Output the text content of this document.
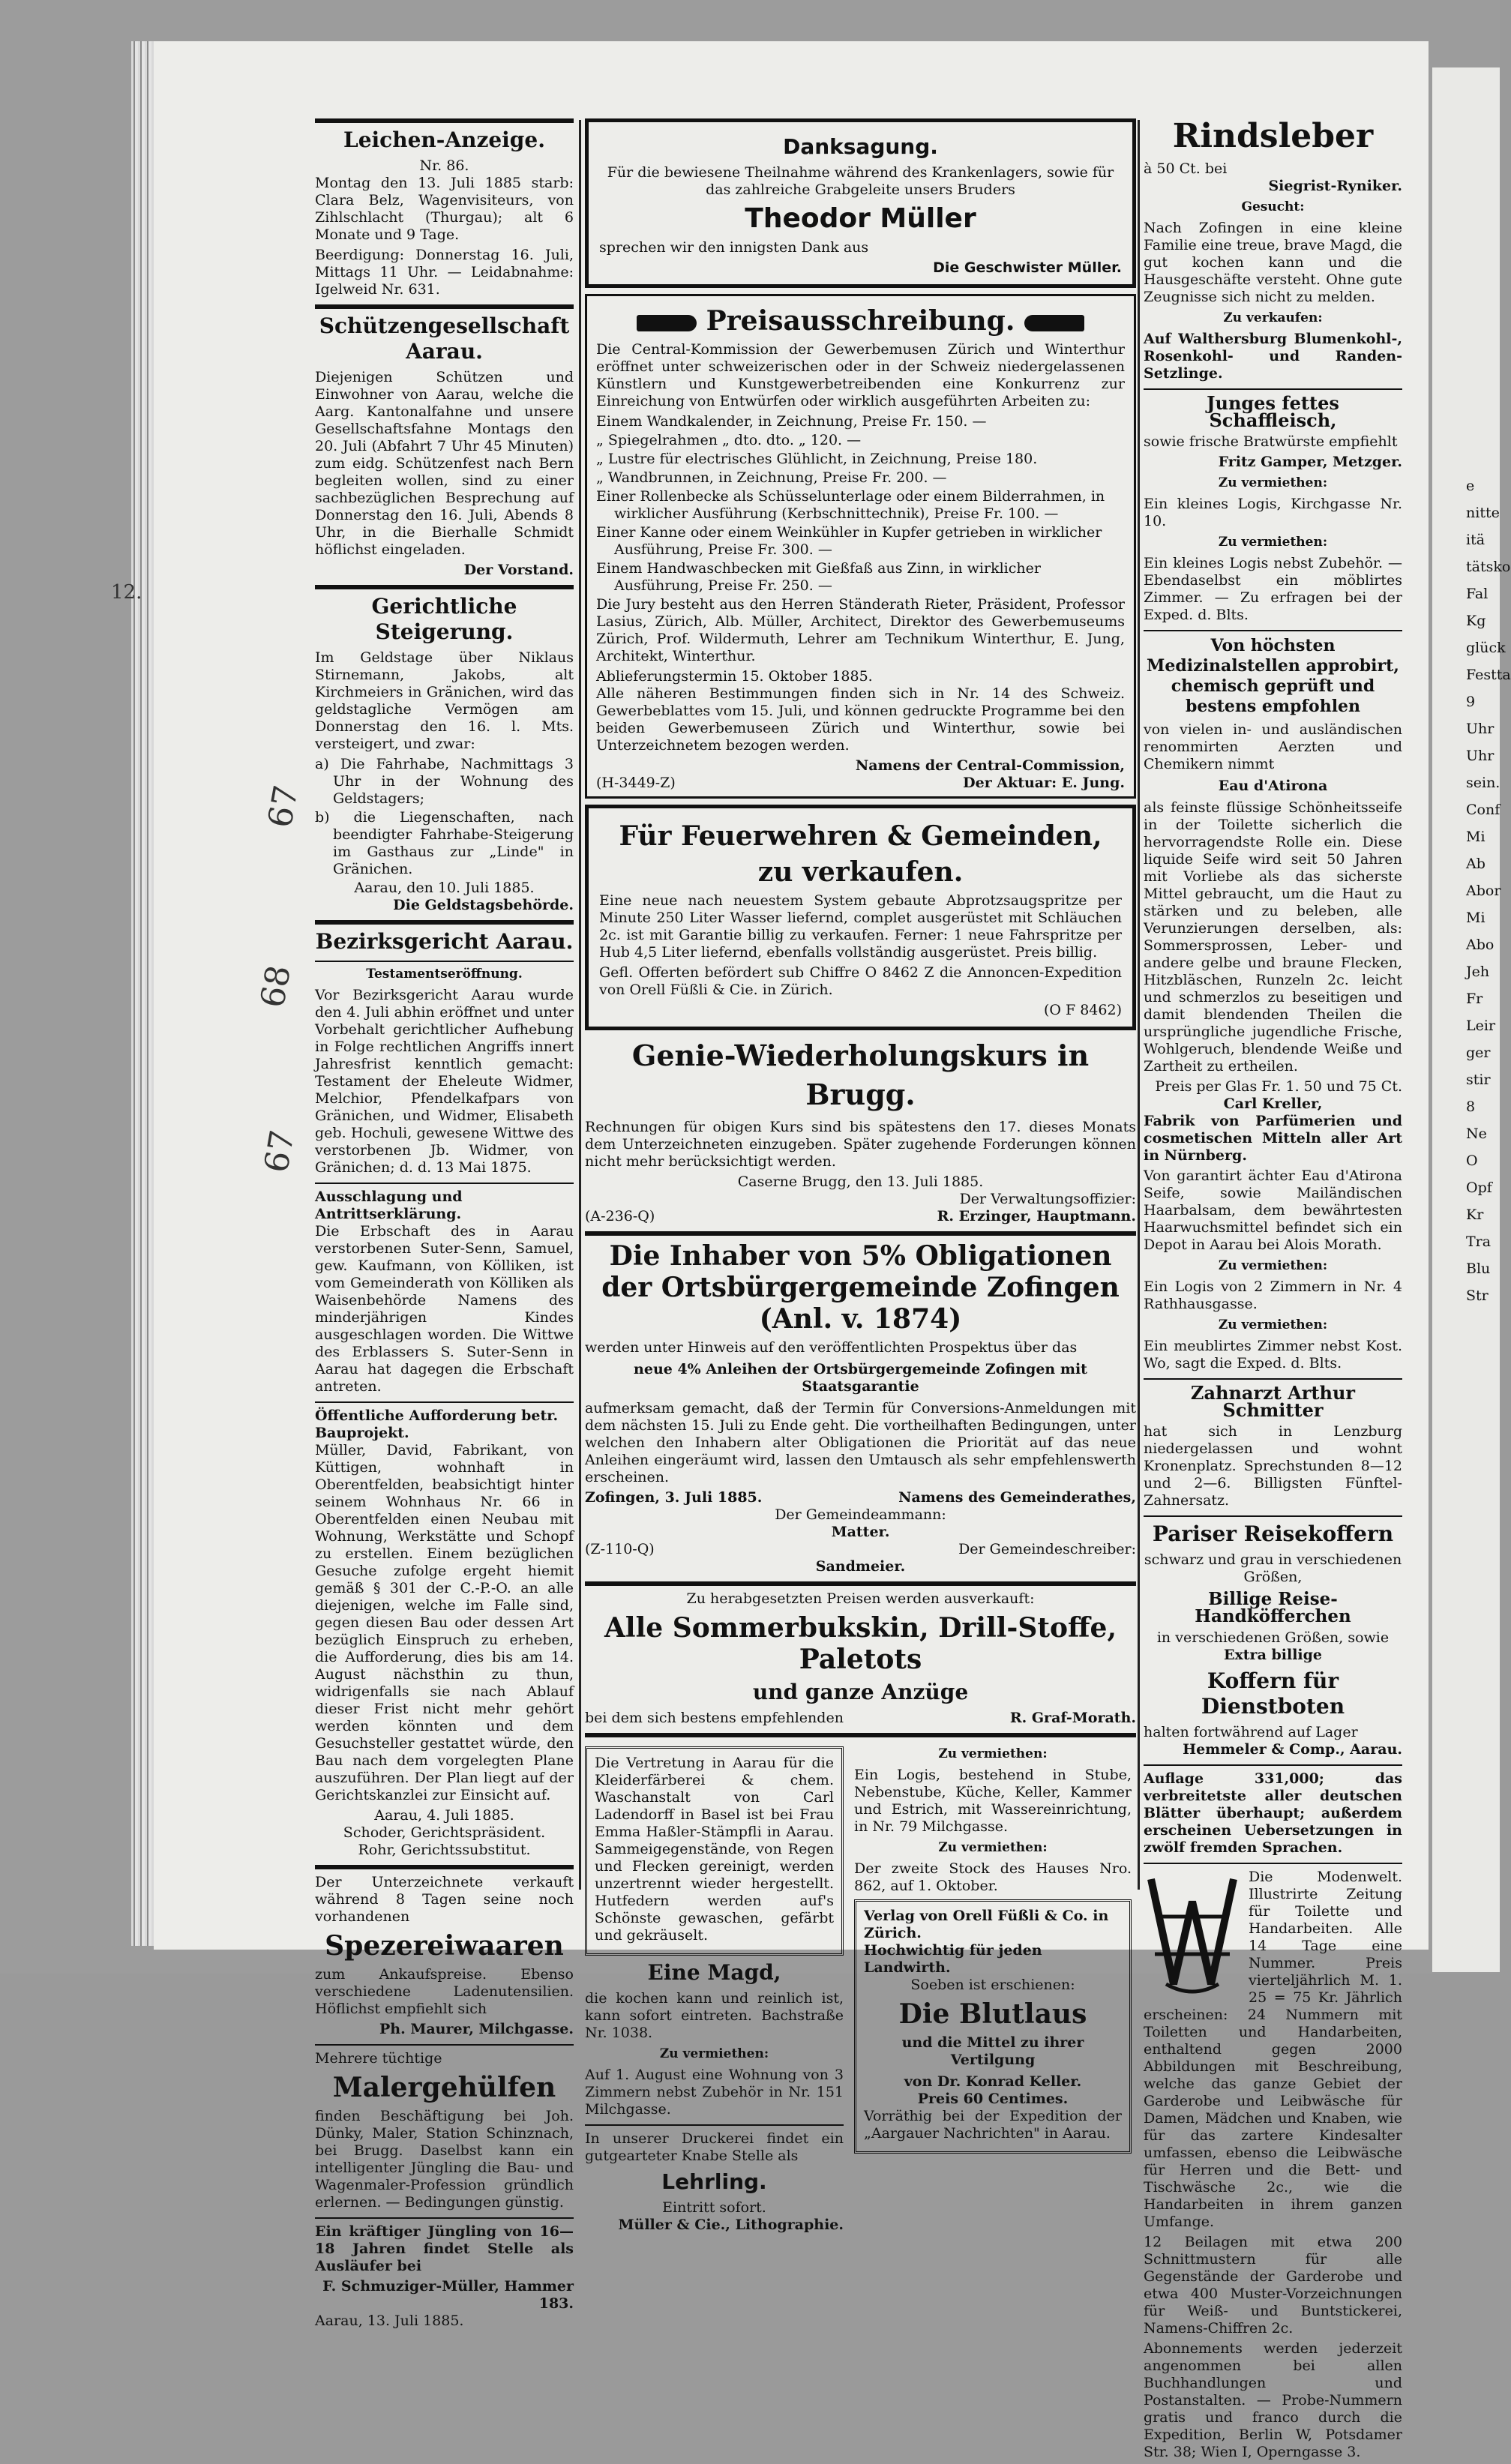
12.
67
68
67
Leichen-Anzeige.
Nr. 86.

Montag den 13. Juli 1885 starb: Clara Belz, Wagenvisiteurs, von Zihlschlacht (Thurgau); alt 6 Monate und 9 Tage.

Beerdigung: Donnerstag 16. Juli, Mittags 11 Uhr. — Leidabnahme: Igelweid Nr. 631.

Schützengesellschaft Aarau.

Diejenigen Schützen und Einwohner von Aarau, welche die Aarg. Kantonalfahne und unsere Gesellschaftsfahne Montags den 20. Juli (Abfahrt 7 Uhr 45 Minuten) zum eidg. Schützenfest nach Bern begleiten wollen, sind zu einer sachbezüglichen Besprechung auf Donnerstag den 16. Juli, Abends 8 Uhr, in die Bierhalle Schmidt höflichst eingeladen.

Der Vorstand.
Gerichtliche Steigerung.

Im Geldstage über Niklaus Stirnemann, Jakobs, alt Kirchmeiers in Gränichen, wird das geldstagliche Vermögen am Donnerstag den 16. l. Mts. versteigert, und zwar:

a) Die Fahrhabe, Nachmittags 3 Uhr in der Wohnung des Geldstagers;

b) die Liegenschaften, nach beendigter Fahrhabe-Steigerung im Gasthaus zur „Linde" in Gränichen.

Aarau, den 10. Juli 1885.
Die Geldstagsbehörde.
Bezirksgericht Aarau.
Testamentseröffnung.

Vor Bezirksgericht Aarau wurde den 4. Juli abhin eröffnet und unter Vorbehalt gerichtlicher Aufhebung in Folge rechtlichen Angriffs innert Jahresfrist kenntlich gemacht: Testament der Eheleute Widmer, Melchior, Pfendelkafpars von Gränichen, und Widmer, Elisabeth geb. Hochuli, gewesene Wittwe des verstorbenen Jb. Widmer, von Gränichen; d. d. 13 Mai 1875.

Ausschlagung und Antrittserklärung.

Die Erbschaft des in Aarau verstorbenen Suter-Senn, Samuel, gew. Kaufmann, von Kölliken, ist vom Gemeinderath von Kölliken als Waisenbehörde Namens des minderjährigen Kindes ausgeschlagen worden. Die Wittwe des Erblassers S. Suter-Senn in Aarau hat dagegen die Erbschaft antreten.

Öffentliche Aufforderung betr. Bauprojekt.

Müller, David, Fabrikant, von Küttigen, wohnhaft in Oberentfelden, beabsichtigt hinter seinem Wohnhaus Nr. 66 in Oberentfelden einen Neubau mit Wohnung, Werkstätte und Schopf zu erstellen. Einem bezüglichen Gesuche zufolge ergeht hiemit gemäß § 301 der C.-P.-O. an alle diejenigen, welche im Falle sind, gegen diesen Bau oder dessen Art bezüglich Einspruch zu erheben, die Aufforderung, dies bis am 14. August nächsthin zu thun, widrigenfalls sie nach Ablauf dieser Frist nicht mehr gehört werden könnten und dem Gesuchsteller gestattet würde, den Bau nach dem vorgelegten Plane auszuführen. Der Plan liegt auf der Gerichtskanzlei zur Einsicht auf.

Aarau, 4. Juli 1885.
Schoder, Gerichtspräsident.
Rohr, Gerichtssubstitut.

Der Unterzeichnete verkauft während 8 Tagen seine noch vorhandenen

Spezereiwaaren

zum Ankaufspreise. Ebenso verschiedene Ladenutensilien. Höflichst empfiehlt sich

Ph. Maurer, Milchgasse.
Mehrere tüchtige
Malergehülfen

finden Beschäftigung bei Joh. Dünky, Maler, Station Schinznach, bei Brugg. Daselbst kann ein intelligenter Jüngling die Bau- und Wagenmaler-Profession gründlich erlernen. — Bedingungen günstig.

Ein kräftiger Jüngling von 16—18 Jahren findet Stelle als Ausläufer bei

F. Schmuziger-Müller, Hammer 183.
Aarau, 13. Juli 1885.
Danksagung.

Für die bewiesene Theilnahme während des Krankenlagers, sowie für das zahlreiche Grabgeleite unsers Bruders

Theodor Müller

sprechen wir den innigsten Dank aus

Die Geschwister Müller.
Preisausschreibung.

Die Central-Kommission der Gewerbemusen Zürich und Winterthur eröffnet unter schweizerischen oder in der Schweiz niedergelassenen Künstlern und Kunstgewerbetreibenden eine Konkurrenz zur Einreichung von Entwürfen oder wirklich ausgeführten Arbeiten zu:

Einem Wandkalender, in Zeichnung, Preise Fr. 150. —
„ Spiegelrahmen „ dto. dto. „ 120. —
„ Lustre für electrisches Glühlicht, in Zeichnung, Preise 180.
„ Wandbrunnen, in Zeichnung, Preise Fr. 200. —
Einer Rollenbecke als Schüsselunterlage oder einem Bilderrahmen, in wirklicher Ausführung (Kerbschnittechnik), Preise Fr. 100. —
Einer Kanne oder einem Weinkühler in Kupfer getrieben in wirklicher Ausführung, Preise Fr. 300. —
Einem Handwaschbecken mit Gießfaß aus Zinn, in wirklicher Ausführung, Preise Fr. 250. —

Die Jury besteht aus den Herren Ständerath Rieter, Präsident, Professor Lasius, Zürich, Alb. Müller, Architect, Direktor des Gewerbemuseums Zürich, Prof. Wildermuth, Lehrer am Technikum Winterthur, E. Jung, Architekt, Winterthur.

Ablieferungstermin 15. Oktober 1885.

Alle näheren Bestimmungen finden sich in Nr. 14 des Schweiz. Gewerbeblattes vom 15. Juli, und können gedruckte Programme bei den beiden Gewerbemuseen Zürich und Winterthur, sowie bei Unterzeichnetem bezogen werden.

Namens der Central-Commission,
(H-3449-Z)	Der Aktuar: E. Jung.
Für Feuerwehren & Gemeinden,
zu verkaufen.

Eine neue nach neuestem System gebaute Abprotzsaugspritze per Minute 250 Liter Wasser liefernd, complet ausgerüstet mit Schläuchen 2c. ist mit Garantie billig zu verkaufen. Ferner: 1 neue Fahrspritze per Hub 4,5 Liter liefernd, ebenfalls vollständig ausgerüstet. Preis billig.

Gefl. Offerten befördert sub Chiffre O 8462 Z die Annoncen-Expedition von Orell Füßli & Cie. in Zürich.

(O F 8462)
Genie-Wiederholungskurs in Brugg.

Rechnungen für obigen Kurs sind bis spätestens den 17. dieses Monats dem Unterzeichneten einzugeben. Später zugehende Forderungen können nicht mehr berücksichtigt werden.

Caserne Brugg, den 13. Juli 1885.
Der Verwaltungsoffizier:
(A-236-Q)	R. Erzinger, Hauptmann.
Die Inhaber von 5% Obligationen der Ortsbürgergemeinde Zofingen (Anl. v. 1874)

werden unter Hinweis auf den veröffentlichten Prospektus über das

neue 4% Anleihen der Ortsbürgergemeinde Zofingen mit Staatsgarantie

aufmerksam gemacht, daß der Termin für Conversions-Anmeldungen mit dem nächsten 15. Juli zu Ende geht. Die vortheilhaften Bedingungen, unter welchen den Inhabern alter Obligationen die Priorität auf das neue Anleihen eingeräumt wird, lassen den Umtausch als sehr empfehlenswerth erscheinen.

Zofingen, 3. Juli 1885.	Namens des Gemeinderathes,
Der Gemeindeammann:
Matter.
(Z-110-Q)	Der Gemeindeschreiber:
Sandmeier.
Zu herabgesetzten Preisen werden ausverkauft:
Alle Sommerbukskin, Drill-Stoffe, Paletots
und ganze Anzüge
bei dem sich bestens empfehlenden	R. Graf-Morath.

Die Vertretung in Aarau für die Kleiderfärberei & chem. Waschanstalt von Carl Ladendorff in Basel ist bei Frau Emma Haßler-Stämpfli in Aarau. Sammeigegenstände, von Regen und Flecken gereinigt, werden unzertrennt wieder hergestellt. Hutfedern werden auf's Schönste gewaschen, gefärbt und gekräuselt.

Eine Magd,

die kochen kann und reinlich ist, kann sofort eintreten. Bachstraße Nr. 1038.

Zu vermiethen:

Auf 1. August eine Wohnung von 3 Zimmern nebst Zubehör in Nr. 151 Milchgasse.

In unserer Druckerei findet ein gutgearteter Knabe Stelle als

Lehrling.
Eintritt sofort.
Müller & Cie., Lithographie.
Zu vermiethen:

Ein Logis, bestehend in Stube, Nebenstube, Küche, Keller, Kammer und Estrich, mit Wassereinrichtung, in Nr. 79 Milchgasse.

Zu vermiethen:

Der zweite Stock des Hauses Nro. 862, auf 1. Oktober.

Verlag von Orell Füßli & Co. in Zürich.
Hochwichtig für jeden Landwirth.
Soeben ist erschienen:
Die Blutlaus
und die Mittel zu ihrer Vertilgung
von Dr. Konrad Keller.
Preis 60 Centimes.

Vorräthig bei der Expedition der „Aargauer Nachrichten" in Aarau.

Rindsleber
à 50 Ct. bei
Siegrist-Ryniker.
Gesucht:

Nach Zofingen in eine kleine Familie eine treue, brave Magd, die gut kochen kann und die Hausgeschäfte versteht. Ohne gute Zeugnisse sich nicht zu melden.

Zu verkaufen:

Auf Walthersburg Blumenkohl-, Rosenkohl- und Randen-Setzlinge.

Junges fettes Schaffleisch,

sowie frische Bratwürste empfiehlt

Fritz Gamper, Metzger.
Zu vermiethen:

Ein kleines Logis, Kirchgasse Nr. 10.

Zu vermiethen:

Ein kleines Logis nebst Zubehör. — Ebendaselbst ein möblirtes Zimmer. — Zu erfragen bei der Exped. d. Blts.

Von höchsten Medizinalstellen approbirt, chemisch geprüft und bestens empfohlen

von vielen in- und ausländischen renommirten Aerzten und Chemikern nimmt

Eau d'Atirona

als feinste flüssige Schönheitsseife in der Toilette sicherlich die hervorragendste Rolle ein. Diese liquide Seife wird seit 50 Jahren mit Vorliebe als das sicherste Mittel gebraucht, um die Haut zu stärken und zu beleben, alle Verunzierungen derselben, als: Sommersprossen, Leber- und andere gelbe und braune Flecken, Hitzbläschen, Runzeln 2c. leicht und schmerzlos zu beseitigen und damit blendenden Theilen die ursprüngliche jugendliche Frische, Wohlgeruch, blendende Weiße und Zartheit zu ertheilen.

Preis per Glas Fr. 1. 50 und 75 Ct.
Carl Kreller,

Fabrik von Parfümerien und cosmetischen Mitteln aller Art in Nürnberg.

Von garantirt ächter Eau d'Atirona Seife, sowie Mailändischen Haarbalsam, dem bewährtesten Haarwuchsmittel befindet sich ein Depot in Aarau bei Alois Morath.

Zu vermiethen:

Ein Logis von 2 Zimmern in Nr. 4 Rathhausgasse.

Zu vermiethen:

Ein meublirtes Zimmer nebst Kost. Wo, sagt die Exped. d. Blts.

Zahnarzt Arthur Schmitter

hat sich in Lenzburg niedergelassen und wohnt Kronenplatz. Sprechstunden 8—12 und 2—6. Billigsten Fünftel-Zahnersatz.

Pariser Reisekoffern
schwarz und grau in verschiedenen Größen,
Billige Reise-Handköfferchen
in verschiedenen Größen, sowie
Extra billige
Koffern für Dienstboten
halten fortwährend auf Lager
Hemmeler & Comp., Aarau.

Auflage 331,000; das verbreitetste aller deutschen Blätter überhaupt; außerdem erscheinen Uebersetzungen in zwölf fremden Sprachen.

Die Modenwelt. Illustrirte Zeitung für Toilette und Handarbeiten. Alle 14 Tage eine Nummer. Preis vierteljährlich M. 1. 25 = 75 Kr. Jährlich erscheinen: 24 Nummern mit Toiletten und Handarbeiten, enthaltend gegen 2000 Abbildungen mit Beschreibung, welche das ganze Gebiet der Garderobe und Leibwäsche für Damen, Mädchen und Knaben, wie für das zartere Kindesalter umfassen, ebenso die Leibwäsche für Herren und die Bett- und Tischwäsche 2c., wie die Handarbeiten in ihrem ganzen Umfange.

12 Beilagen mit etwa 200 Schnittmustern für alle Gegenstände der Garderobe und etwa 400 Muster-Vorzeichnungen für Weiß- und Buntstickerei, Namens-Chiffren 2c.

Abonnements werden jederzeit angenommen bei allen Buchhandlungen und Postanstalten. — Probe-Nummern gratis und franco durch die Expedition, Berlin W, Potsdamer Str. 38; Wien I, Operngasse 3.

e
nitte
itä
tätsko
Fal
Kg
glück
Festta
9 Uhr
Uhr
sein.
Conf
Mi
Ab
Abor
Mi
Abo
Jeh
Fr
Leir
ger
stir
8
Ne
O
Opf
Kr
Tra
Blu
Str
